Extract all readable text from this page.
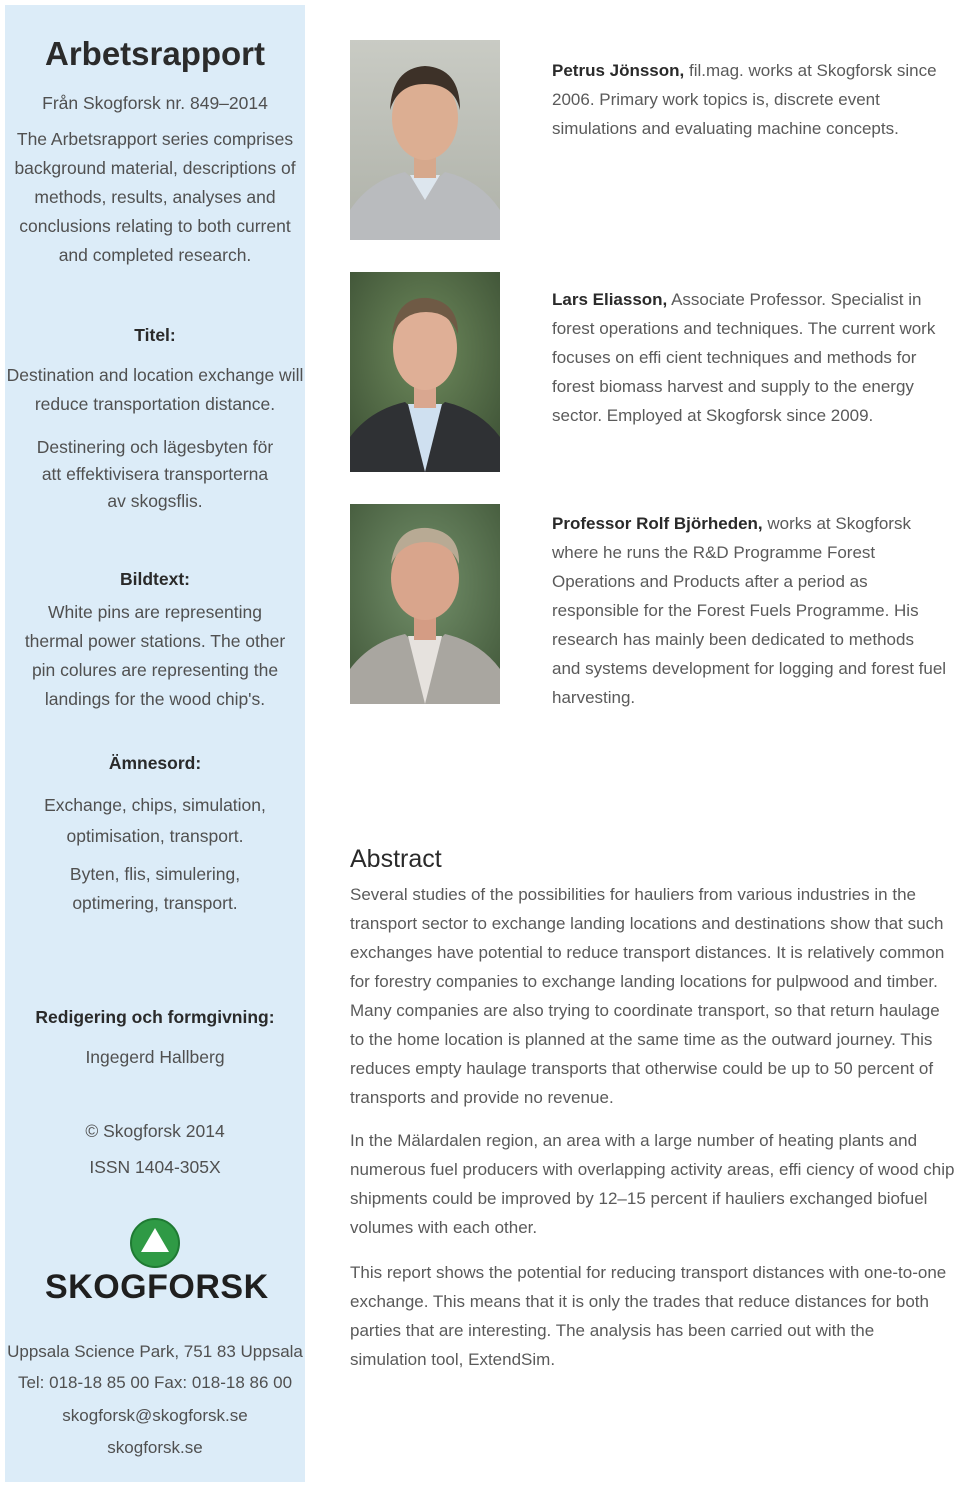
Arbetsrapport
Från Skogforsk nr. 849–2014
The Arbetsrapport series comprises background material, descriptions of methods, results, analyses and conclusions relating to both current and completed research.
Titel:
Destination and location exchange will reduce transportation distance.
Destinering och lägesbyten för att effektivisera transporterna av skogsflis.
Bildtext:
White pins are representing thermal power stations. The other pin colures are representing the landings for the wood chip's.
Ämnesord:
Exchange, chips, simulation, optimisation, transport.
Byten, flis, simulering, optimering, transport.
Redigering och formgivning:
Ingegerd Hallberg
© Skogforsk 2014
ISSN 1404-305X
SKOGFORSK
Uppsala Science Park, 751 83 Uppsala
Tel: 018-18 85 00 Fax: 018-18 86 00
skogforsk@skogforsk.se
skogforsk.se
Petrus Jönsson, fil.mag. works at Skogforsk since 2006. Primary work topics is, discrete event simulations and evaluating machine concepts.
Lars Eliasson, Associate Professor. Specialist in forest operations and techniques. The current work focuses on effi cient techniques and methods for forest biomass harvest and supply to the energy sector. Employed at Skogforsk since 2009.
Professor Rolf Björheden, works at Skogforsk where he runs the R&D Programme Forest Operations and Products after a period as responsible for the Forest Fuels Programme. His research has mainly been dedicated to methods and systems development for logging and forest fuel harvesting.
Abstract
Several studies of the possibilities for hauliers from various industries in the transport sector to exchange landing locations and destinations show that such exchanges have potential to reduce transport distances. It is relatively common for forestry companies to exchange landing locations for pulpwood and timber. Many companies are also trying to coordinate transport, so that return haulage to the home location is planned at the same time as the outward journey. This reduces empty haulage transports that otherwise could be up to 50 percent of transports and provide no revenue.
In the Mälardalen region, an area with a large number of heating plants and numerous fuel producers with overlapping activity areas, effi ciency of wood chip shipments could be improved by 12–15 percent if hauliers exchanged biofuel volumes with each other.
This report shows the potential for reducing transport distances with one-to-one exchange. This means that it is only the trades that reduce distances for both parties that are interesting. The analysis has been carried out with the simulation tool, ExtendSim.
